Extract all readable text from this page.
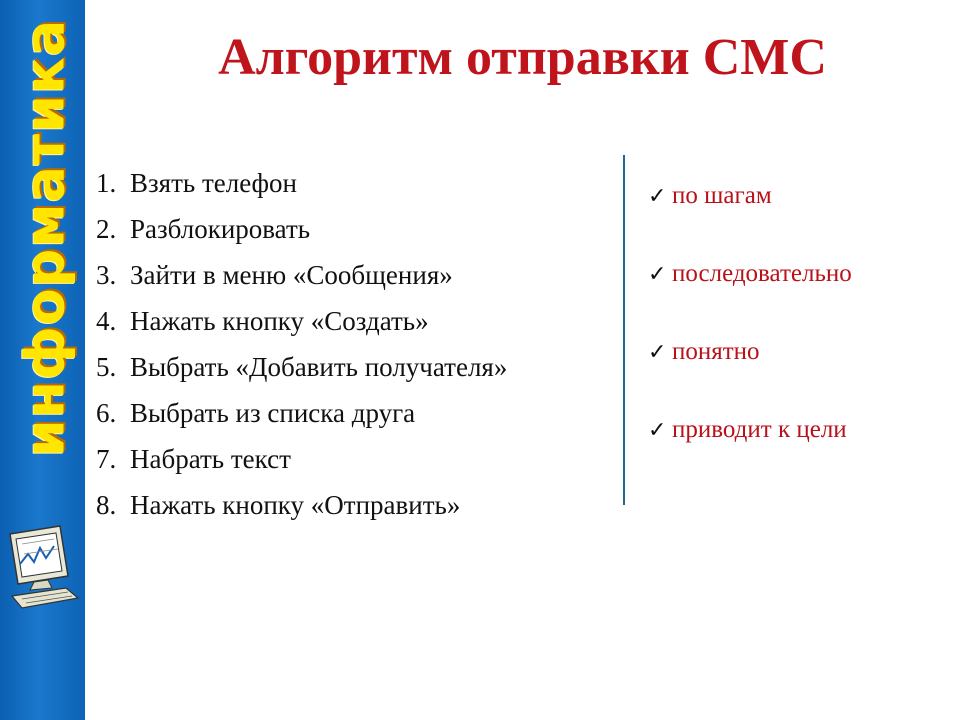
информатика	Алгоритм отправки СМС
1. Взять телефон
2. Разблокировать
3. Зайти в меню «Сообщения»
4. Нажать кнопку «Создать»
5. Выбрать «Добавить получателя»
6. Выбрать из списка друга
7. Набрать текст
8. Нажать кнопку «Отправить»
✓ по шагам
✓ последовательно
✓ понятно
✓ приводит к цели
